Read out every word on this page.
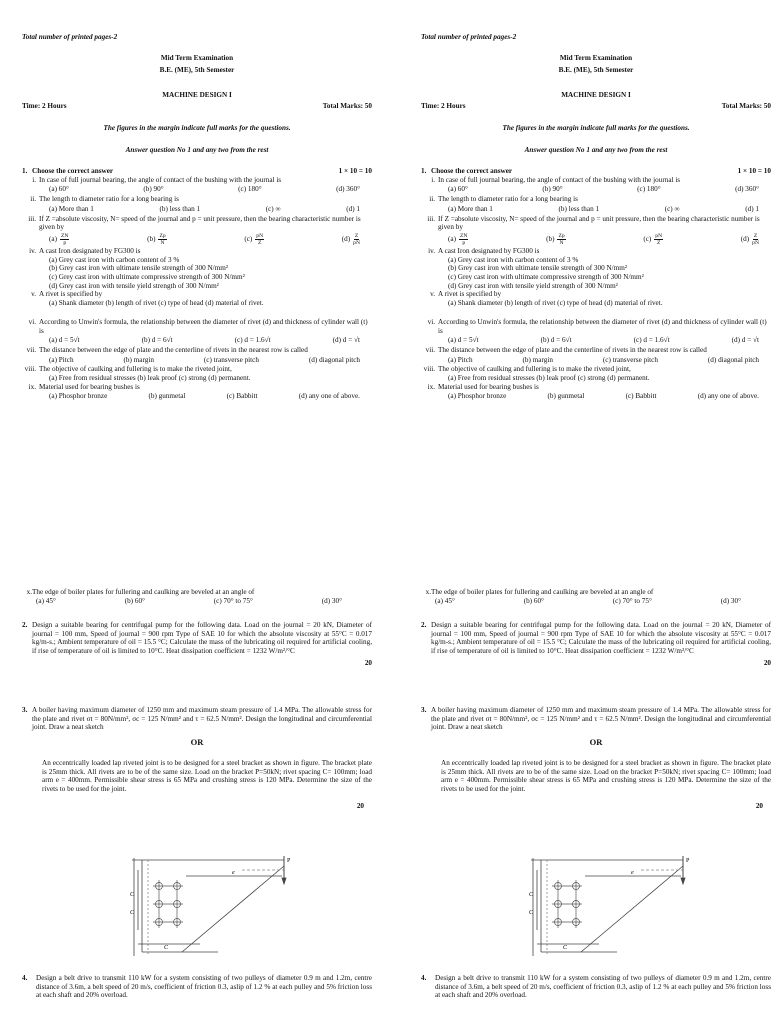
Total number of printed pages-2
Mid Term Examination
B.E. (ME), 5th Semester
MACHINE DESIGN I
Time: 2 Hours	Total Marks: 50
The figures in the margin indicate full marks for the questions.
Answer question No 1 and any two from the rest
1. Choose the correct answer	1 × 10 = 10
i. In case of full journal bearing, the angle of contact of the bushing with the journal is
(a) 60°	(b) 90°	(c) 180°	(d) 360°
ii. The length to diameter ratio for a long bearing is
(a) More than 1	(b) less than 1	(c) ∞	(d) 1
iii. If Z =absolute viscosity, N= speed of the journal and p = unit pressure, then the bearing characteristic number is given by
$(a) \frac{ZN}{p}$	$(b) \frac{Zp}{N}$	$(c) \frac{pN}{Z}$	$(d) \frac{Z}{pN}$
iv. A cast Iron designated by FG300 is
(a) Grey cast iron with carbon content of 3 %
(b) Grey cast iron with ultimate tensile strength of 300 N/mm²
(c) Grey cast iron with ultimate compressive strength of 300 N/mm²
(d) Grey cast iron with tensile yield strength of 300 N/mm²
v. A rivet is specified by
(a) Shank diameter (b) length of rivet (c) type of head (d) material of rivet.
vi. According to Unwin's formula, the relationship between the diameter of rivet (d) and thickness of cylinder wall (t) is
(a) d = 5√t	(b) d = 6√t	(c) d = 1.6√t	(d) d = √t
vii. The distance between the edge of plate and the centerline of rivets in the nearest row is called
(a) Pitch	(b) margin	(c) transverse pitch	(d) diagonal pitch
viii. The objective of caulking and fullering is to make the riveted joint,
(a) Free from residual stresses (b) leak proof (c) strong (d) permanent.
ix. Material used for bearing bushes is
(a) Phosphor bronze	(b) gunmetal	(c) Babbitt	(d) any one of above.
x. The edge of boiler plates for fullering and caulking are beveled at an angle of
(a) 45°	(b) 60°	(c) 70° to 75°	(d) 30°
2. Design a suitable bearing for centrifugal pump for the following data. Load on the journal = 20 kN, Diameter of journal = 100 mm, Speed of journal = 900 rpm Type of SAE 10 for which the absolute viscosity at 55°C = 0.017 kg/m-s.; Ambient temperature of oil = 15.5 °C; Calculate the mass of the lubricating oil required for artificial cooling, if rise of temperature of oil is limited to 10°C. Heat dissipation coefficient = 1232 W/m²/°C
20
3. A boiler having maximum diameter of 1250 mm and maximum steam pressure of 1.4 MPa. The allowable stress for the plate and rivet σt = 80N/mm², σc = 125 N/mm² and τ = 62.5 N/mm². Design the longitudinal and circumferential joint. Draw a neat sketch
OR
An eccentrically loaded lap riveted joint is to be designed for a steel bracket as shown in figure. The bracket plate is 25mm thick. All rivets are to be of the same size. Load on the bracket P=50kN; rivet spacing C= 100mm; load arm e = 400mm. Permissible shear stress is 65 MPa and crushing stress is 120 MPa. Determine the size of the rivets to be used for the joint.
20
P
e
C
C
C
4.	Design a belt drive to transmit 110 kW for a system consisting of two pulleys of diameter 0.9 m and 1.2m, centre distance of 3.6m, a belt speed of 20 m/s, coefficient of friction 0.3, aslip of 1.2 % at each pulley and 5% friction loss at each shaft and 20% overload.
Total number of printed pages-2
Mid Term Examination
B.E. (ME), 5th Semester
MACHINE DESIGN I
Time: 2 Hours	Total Marks: 50
The figures in the margin indicate full marks for the questions.
Answer question No 1 and any two from the rest
1. Choose the correct answer	1 × 10 = 10
i. In case of full journal bearing, the angle of contact of the bushing with the journal is
(a) 60°	(b) 90°	(c) 180°	(d) 360°
ii. The length to diameter ratio for a long bearing is
(a) More than 1	(b) less than 1	(c) ∞	(d) 1
iii. If Z =absolute viscosity, N= speed of the journal and p = unit pressure, then the bearing characteristic number is given by
$(a) \frac{ZN}{p}$	$(b) \frac{Zp}{N}$	$(c) \frac{pN}{Z}$	$(d) \frac{Z}{pN}$
iv. A cast Iron designated by FG300 is
(a) Grey cast iron with carbon content of 3 %
(b) Grey cast iron with ultimate tensile strength of 300 N/mm²
(c) Grey cast iron with ultimate compressive strength of 300 N/mm²
(d) Grey cast iron with tensile yield strength of 300 N/mm²
v. A rivet is specified by
(a) Shank diameter (b) length of rivet (c) type of head (d) material of rivet.
vi. According to Unwin's formula, the relationship between the diameter of rivet (d) and thickness of cylinder wall (t) is
(a) d = 5√t	(b) d = 6√t	(c) d = 1.6√t	(d) d = √t
vii. The distance between the edge of plate and the centerline of rivets in the nearest row is called
(a) Pitch	(b) margin	(c) transverse pitch	(d) diagonal pitch
viii. The objective of caulking and fullering is to make the riveted joint,
(a) Free from residual stresses (b) leak proof (c) strong (d) permanent.
ix. Material used for bearing bushes is
(a) Phosphor bronze	(b) gunmetal	(c) Babbitt	(d) any one of above.
x. The edge of boiler plates for fullering and caulking are beveled at an angle of
(a) 45°	(b) 60°	(c) 70° to 75°	(d) 30°
2. Design a suitable bearing for centrifugal pump for the following data. Load on the journal = 20 kN, Diameter of journal = 100 mm, Speed of journal = 900 rpm Type of SAE 10 for which the absolute viscosity at 55°C = 0.017 kg/m-s.; Ambient temperature of oil = 15.5 °C; Calculate the mass of the lubricating oil required for artificial cooling, if rise of temperature of oil is limited to 10°C. Heat dissipation coefficient = 1232 W/m²/°C
20
3. A boiler having maximum diameter of 1250 mm and maximum steam pressure of 1.4 MPa. The allowable stress for the plate and rivet σt = 80N/mm², σc = 125 N/mm² and τ = 62.5 N/mm². Design the longitudinal and circumferential joint. Draw a neat sketch
OR
An eccentrically loaded lap riveted joint is to be designed for a steel bracket as shown in figure. The bracket plate is 25mm thick. All rivets are to be of the same size. Load on the bracket P=50kN; rivet spacing C= 100mm; load arm e = 400mm. Permissible shear stress is 65 MPa and crushing stress is 120 MPa. Determine the size of the rivets to be used for the joint.
20
P
e
C
C
C
4.	Design a belt drive to transmit 110 kW for a system consisting of two pulleys of diameter 0.9 m and 1.2m, centre distance of 3.6m, a belt speed of 20 m/s, coefficient of friction 0.3, aslip of 1.2 % at each pulley and 5% friction loss at each shaft and 20% overload.
